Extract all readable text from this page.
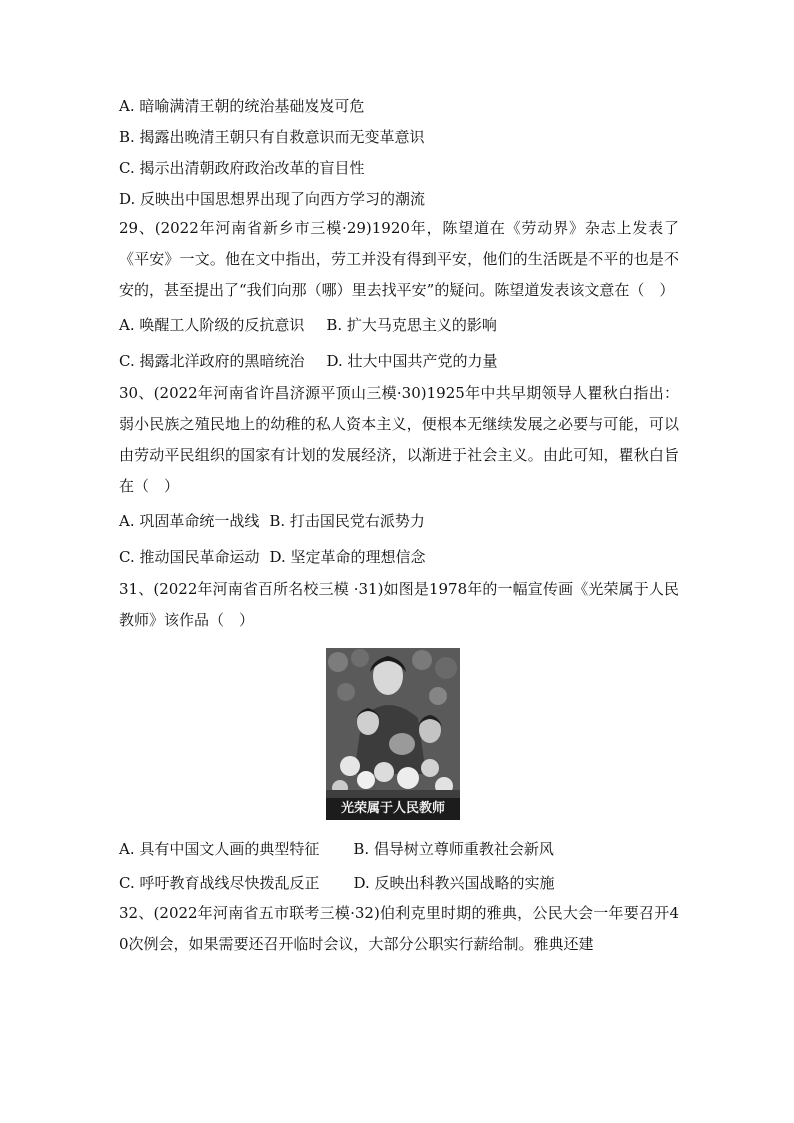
A. 暗喻满清王朝的统治基础岌岌可危

B. 揭露出晚清王朝只有自救意识而无变革意识

C. 揭示出清朝政府政治改革的盲目性

D. 反映出中国思想界出现了向西方学习的潮流

29、(2022年河南省新乡市三模·29)1920年，陈望道在《劳动界》杂志上发表了《平安》一文。他在文中指出，劳工并没有得到平安，他们的生活既是不平的也是不安的，甚至提出了“我们向那（哪）里去找平安”的疑问。陈望道发表该文意在（　）

A. 唤醒工人阶级的反抗意识 B. 扩大马克思主义的影响
C. 揭露北洋政府的黑暗统治 D. 壮大中国共产党的力量

30、(2022年河南省许昌济源平顶山三模·30)1925年中共早期领导人瞿秋白指出：弱小民族之殖民地上的幼稚的私人资本主义，便根本无继续发展之必要与可能，可以由劳动平民组织的国家有计划的发展经济，以渐进于社会主义。由此可知，瞿秋白旨在（　）

A. 巩固革命统一战线 B. 打击国民党右派势力
C. 推动国民革命运动 D. 坚定革命的理想信念

31、(2022年河南省百所名校三模 ·31)如图是1978年的一幅宣传画《光荣属于人民教师》该作品（　）

光荣属于人民教师
A. 具有中国文人画的典型特征 B. 倡导树立尊师重教社会新风
C. 呼吁教育战线尽快拨乱反正 D. 反映出科教兴国战略的实施

32、(2022年河南省五市联考三模·32)伯利克里时期的雅典，公民大会一年要召开40次例会，如果需要还召开临时会议，大部分公职实行薪给制。雅典还建
